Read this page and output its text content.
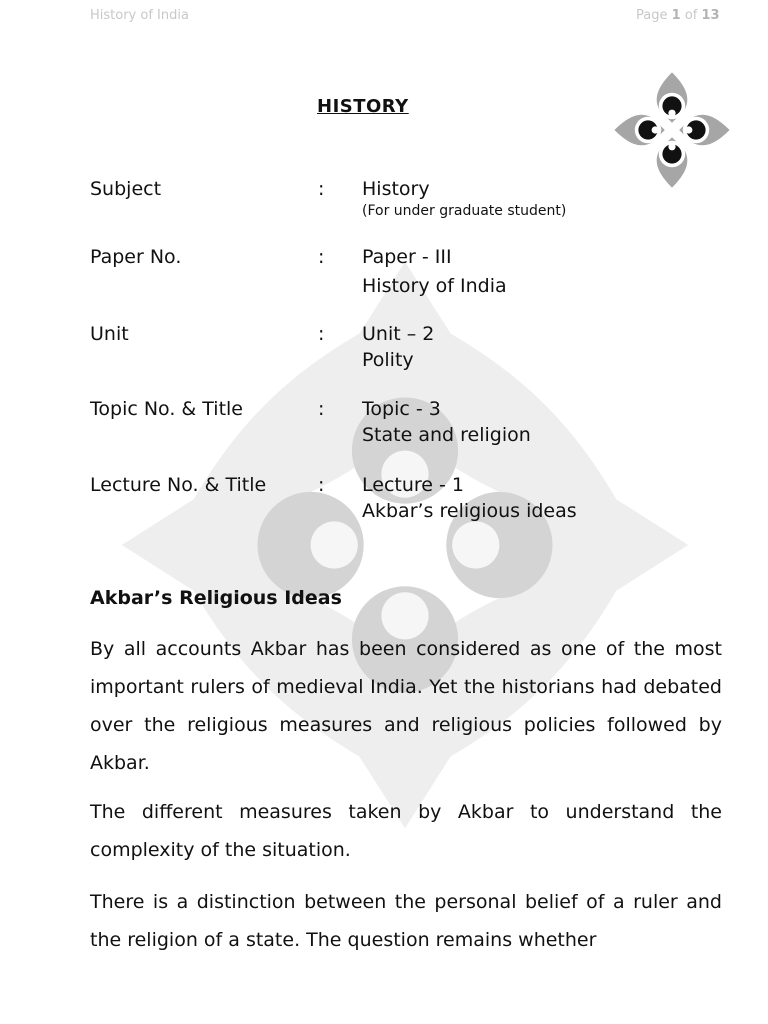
History of India	Page 1 of 13
HISTORY
Subject	: History
(For under graduate student)
Paper No.	: Paper - III

History of India
Unit	: Unit – 2
Polity
Topic No. & Title	: Topic - 3
State and religion
Lecture No. & Title	: Lecture - 1
Akbar’s religious ideas
Akbar’s Religious Ideas

By all accounts Akbar has been considered as one of the most important rulers of medieval India. Yet the historians had debated over the religious measures and religious policies followed by Akbar.

The different measures taken by Akbar to understand the complexity of the situation.

There is a distinction between the personal belief of a ruler and the religion of a state. The question remains whether
